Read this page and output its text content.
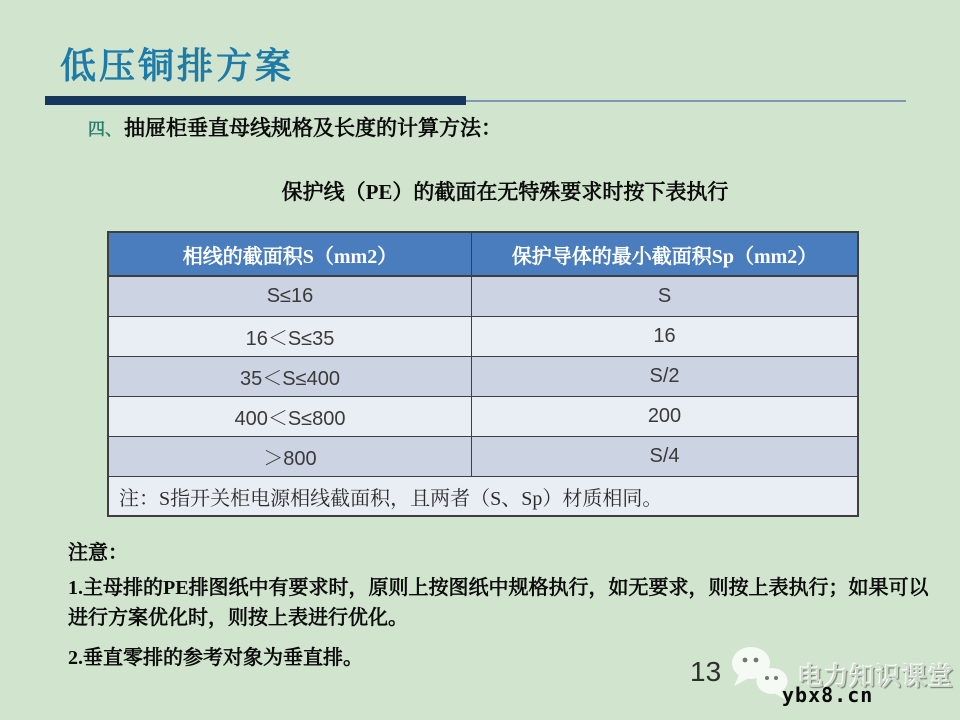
低压铜排方案
四、抽屉柜垂直母线规格及长度的计算方法：
保护线（PE）的截面在无特殊要求时按下表执行
相线的截面积S（mm2）	保护导体的最小截面积Sp（mm2）
S≤16	S
16＜S≤35	16
35＜S≤400	S/2
400＜S≤800	200
＞800	S/4
注：S指开关柜电源相线截面积，且两者（S、Sp）材质相同。	
注意：
1.主母排的PE排图纸中有要求时，原则上按图纸中规格执行，如无要求，则按上表执行；如果可以进行方案优化时，则按上表进行优化。
2.垂直零排的参考对象为垂直排。	13	电力知识课堂
ybx8.cn
